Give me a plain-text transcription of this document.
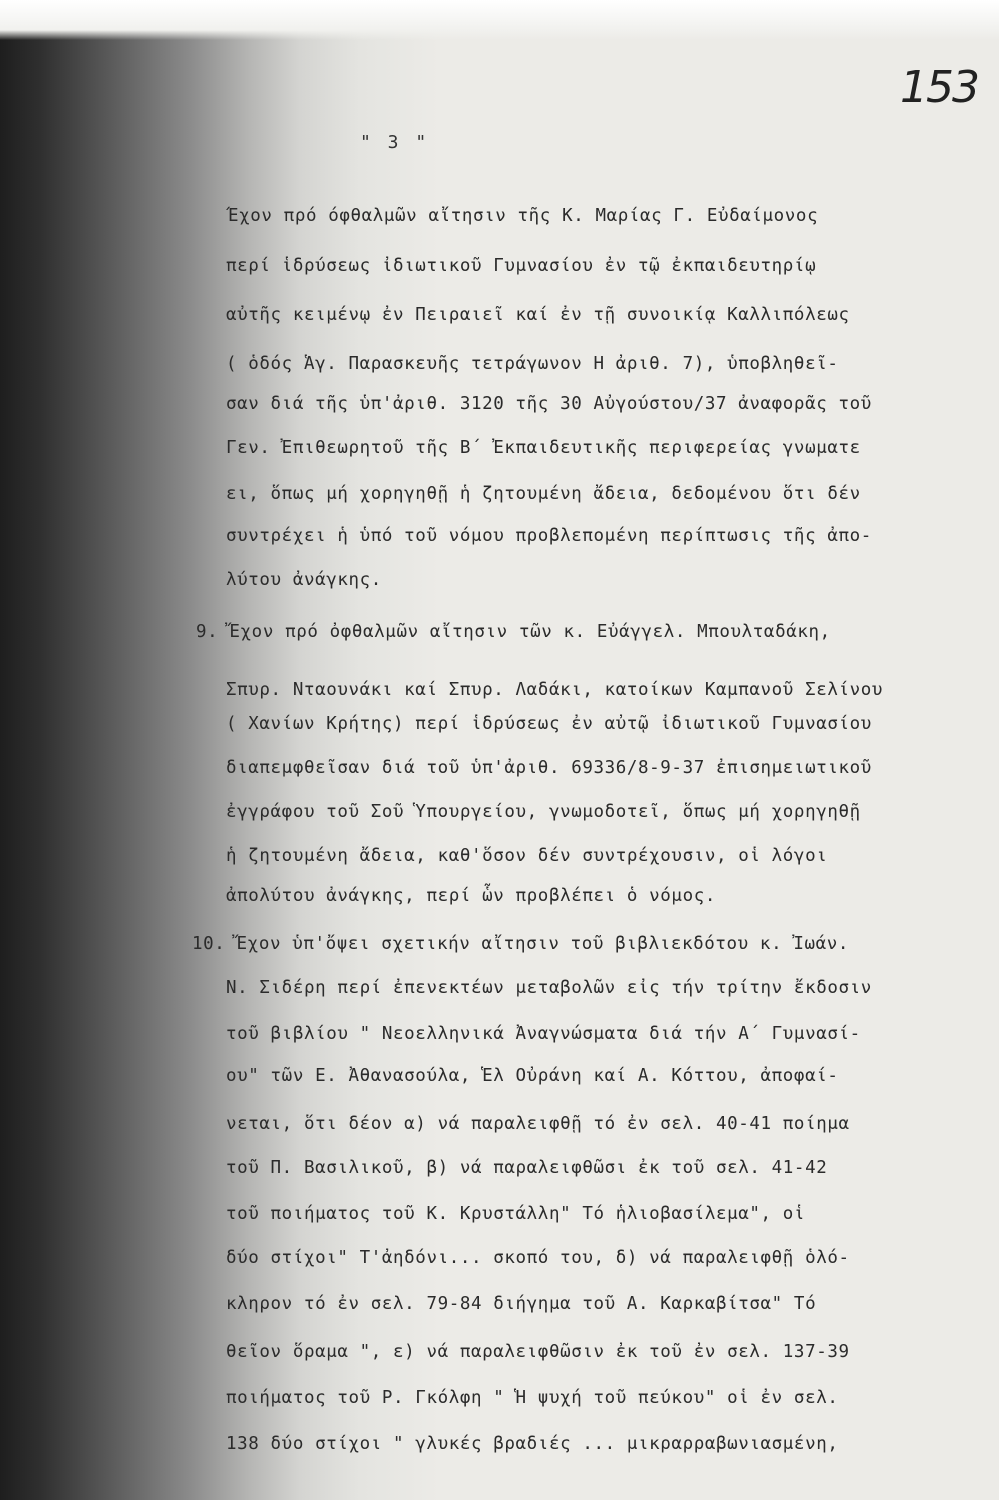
153

" 3 "

Έχον πρό όφθαλμῶν αἴτησιν τῆς Κ. Μαρίας Γ. Εὐδαίμονος

περί ἱδρύσεως ἰδιωτικοῦ Γυμνασίου ἐν τῷ ἐκπαιδευτηρίῳ

αὐτῆς κειμένῳ ἐν Πειραιεῖ καί ἐν τῇ συνοικίᾳ Καλλιπόλεως

( ὁδός Ἁγ. Παρασκευῆς τετράγωνον Η ἀριθ. 7), ὑποβληθεῖ-

σαν διά τῆς ὑπ'ἀριθ. 3120 τῆς 30 Αὐγούστου/37 ἀναφορᾶς τοῦ

Γεν. Ἐπιθεωρητοῦ τῆς Β΄ Ἐκπαιδευτικῆς περιφερείας γνωματε

ει, ὅπως μή χορηγηθῇ ἡ ζητουμένη ἄδεια, δεδομένου ὅτι δέν

συντρέχει ἡ ὑπό τοῦ νόμου προβλεπομένη περίπτωσις τῆς ἀπο-

λύτου ἀνάγκης.

9. Ἔχον πρό ὀφθαλμῶν αἴτησιν τῶν κ. Εὐάγγελ. Μπουλταδάκη,

Σπυρ. Νταουνάκι καί Σπυρ. Λαδάκι, κατοίκων Καμπανοῦ Σελίνου

( Χανίων Κρήτης) περί ἱδρύσεως ἐν αὐτῷ ἰδιωτικοῦ Γυμνασίου

διαπεμφθεῖσαν διά τοῦ ὑπ'ἀριθ. 69336/8-9-37 ἐπισημειωτικοῦ

ἐγγράφου τοῦ Σοῦ Ὑπουργείου, γνωμοδοτεῖ, ὅπως μή χορηγηθῇ

ἡ ζητουμένη ἄδεια, καθ'ὅσον δέν συντρέχουσιν, οἱ λόγοι

ἀπολύτου ἀνάγκης, περί ὧν προβλέπει ὁ νόμος.

10. Ἔχον ὑπ'ὄψει σχετικήν αἴτησιν τοῦ βιβλιεκδότου κ. Ἰωάν.

Ν. Σιδέρη περί ἐπενεκτέων μεταβολῶν εἰς τήν τρίτην ἔκδοσιν

τοῦ βιβλίου " Νεοελληνικά Ἀναγνώσματα διά τήν Α΄ Γυμνασί-

ου" τῶν Ε. Ἀθανασούλα, Ἑλ Οὐράνη καί Α. Κόττου, ἀποφαί-

νεται, ὅτι δέον α) νά παραλειφθῇ τό ἐν σελ. 40-41 ποίημα

τοῦ Π. Βασιλικοῦ, β) νά παραλειφθῶσι ἐκ τοῦ σελ. 41-42

τοῦ ποιήματος τοῦ Κ. Κρυστάλλη" Τό ἡλιοβασίλεμα", οἱ

δύο στίχοι" Τ'ἀηδόνι... σκοπό του, δ) νά παραλειφθῇ ὁλό-

κληρον τό ἐν σελ. 79-84 διήγημα τοῦ Α. Καρκαβίτσα" Τό

θεῖον ὅραμα ", ε) νά παραλειφθῶσιν ἐκ τοῦ ἐν σελ. 137-39

ποιήματος τοῦ Ρ. Γκόλφη " Ἡ ψυχή τοῦ πεύκου" οἱ ἐν σελ.

138 δύο στίχοι " γλυκές βραδιές ... μικραρραβωνιασμένη,
